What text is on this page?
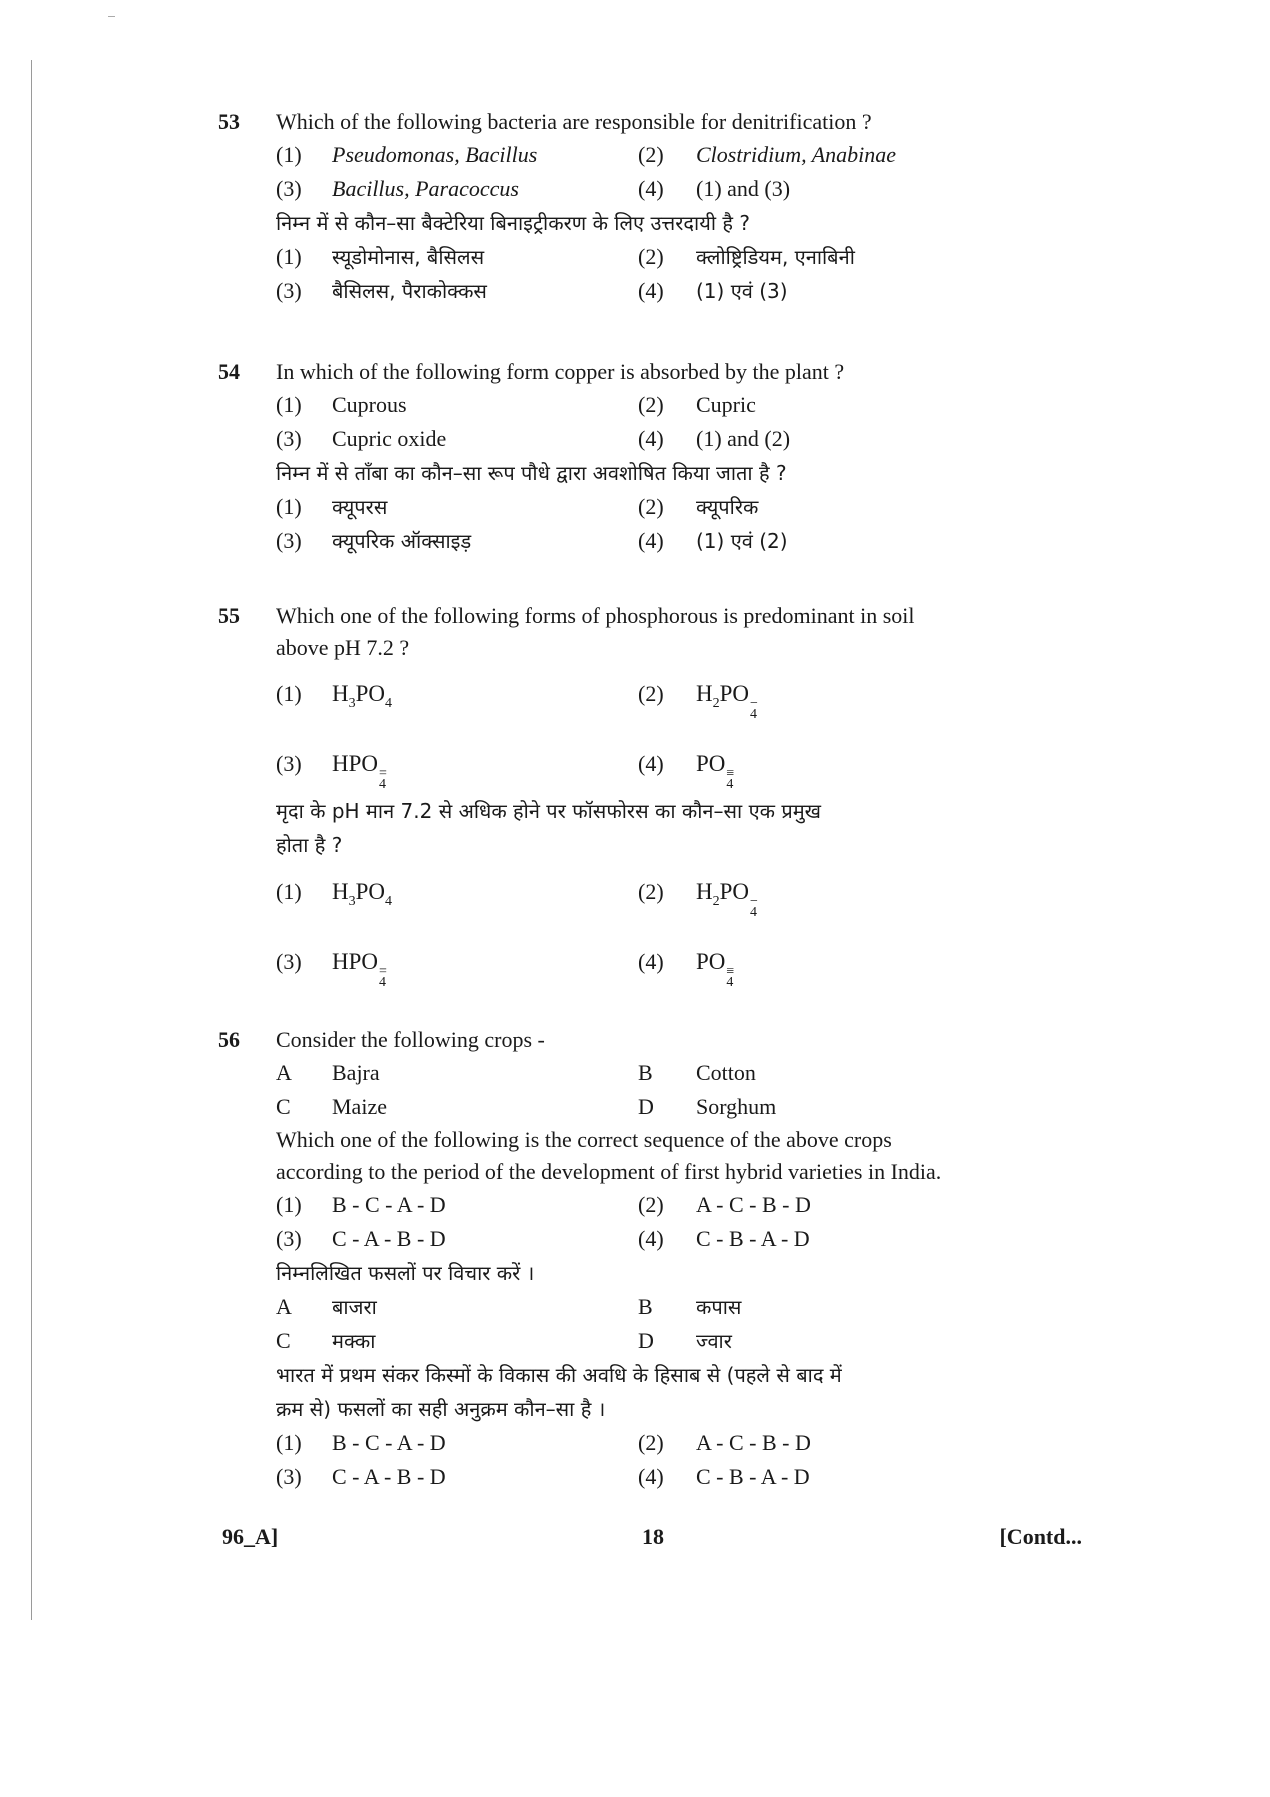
53 Which of the following bacteria are responsible for denitrification ?
(1)	Pseudomonas, Bacillus	(2)	Clostridium, Anabinae
(3)	Bacillus, Paracoccus	(4)	(1) and (3)
निम्न में से कौन–सा बैक्टेरिया बिनाइट्रीकरण के लिए उत्तरदायी है ?
(1)	स्यूडोमोनास, बैसिलस	(2)	क्लोष्ट्रिडियम, एनाबिनी
(3)	बैसिलस, पैराकोक्कस	(4)	(1) एवं (3)
54 In which of the following form copper is absorbed by the plant ?
(1)	Cuprous	(2)	Cupric
(3)	Cupric oxide	(4)	(1) and (2)
निम्न में से ताँबा का कौन–सा रूप पौधे द्वारा अवशोषित किया जाता है ?
(1)	क्यूपरस	(2)	क्यूपरिक
(3)	क्यूपरिक ऑक्साइड़	(4)	(1) एवं (2)
55 Which one of the following forms of phosphorous is predominant in soil
above pH 7.2 ?
(1)	$H_3PO_4$	(2)	$H_2PO$ −
4
(3)	HPO =
4
(4)	PO ≡
4
मृदा के pH मान 7.2 से अधिक होने पर फॉसफोरस का कौन–सा एक प्रमुख
होता है ?
(1)	$H_3PO_4$	(2)	$H_2PO$ −
4
(3)	HPO =
4
(4)	PO ≡
4
56 Consider the following crops -
A	Bajra	B	Cotton
C	Maize	D	Sorghum
Which one of the following is the correct sequence of the above crops
according to the period of the development of first hybrid varieties in India.
(1)	B - C - A - D	(2)	A - C - B - D
(3)	C - A - B - D	(4)	C - B - A - D
निम्नलिखित फसलों पर विचार करें ।
A	बाजरा	B	कपास
C	मक्का	D	ज्वार
भारत में प्रथम संकर किस्मों के विकास की अवधि के हिसाब से (पहले से बाद में
क्रम से) फसलों का सही अनुक्रम कौन–सा है ।
(1)	B - C - A - D	(2)	A - C - B - D
(3)	C - A - B - D	(4)	C - B - A - D
96_A]	18	[Contd...
